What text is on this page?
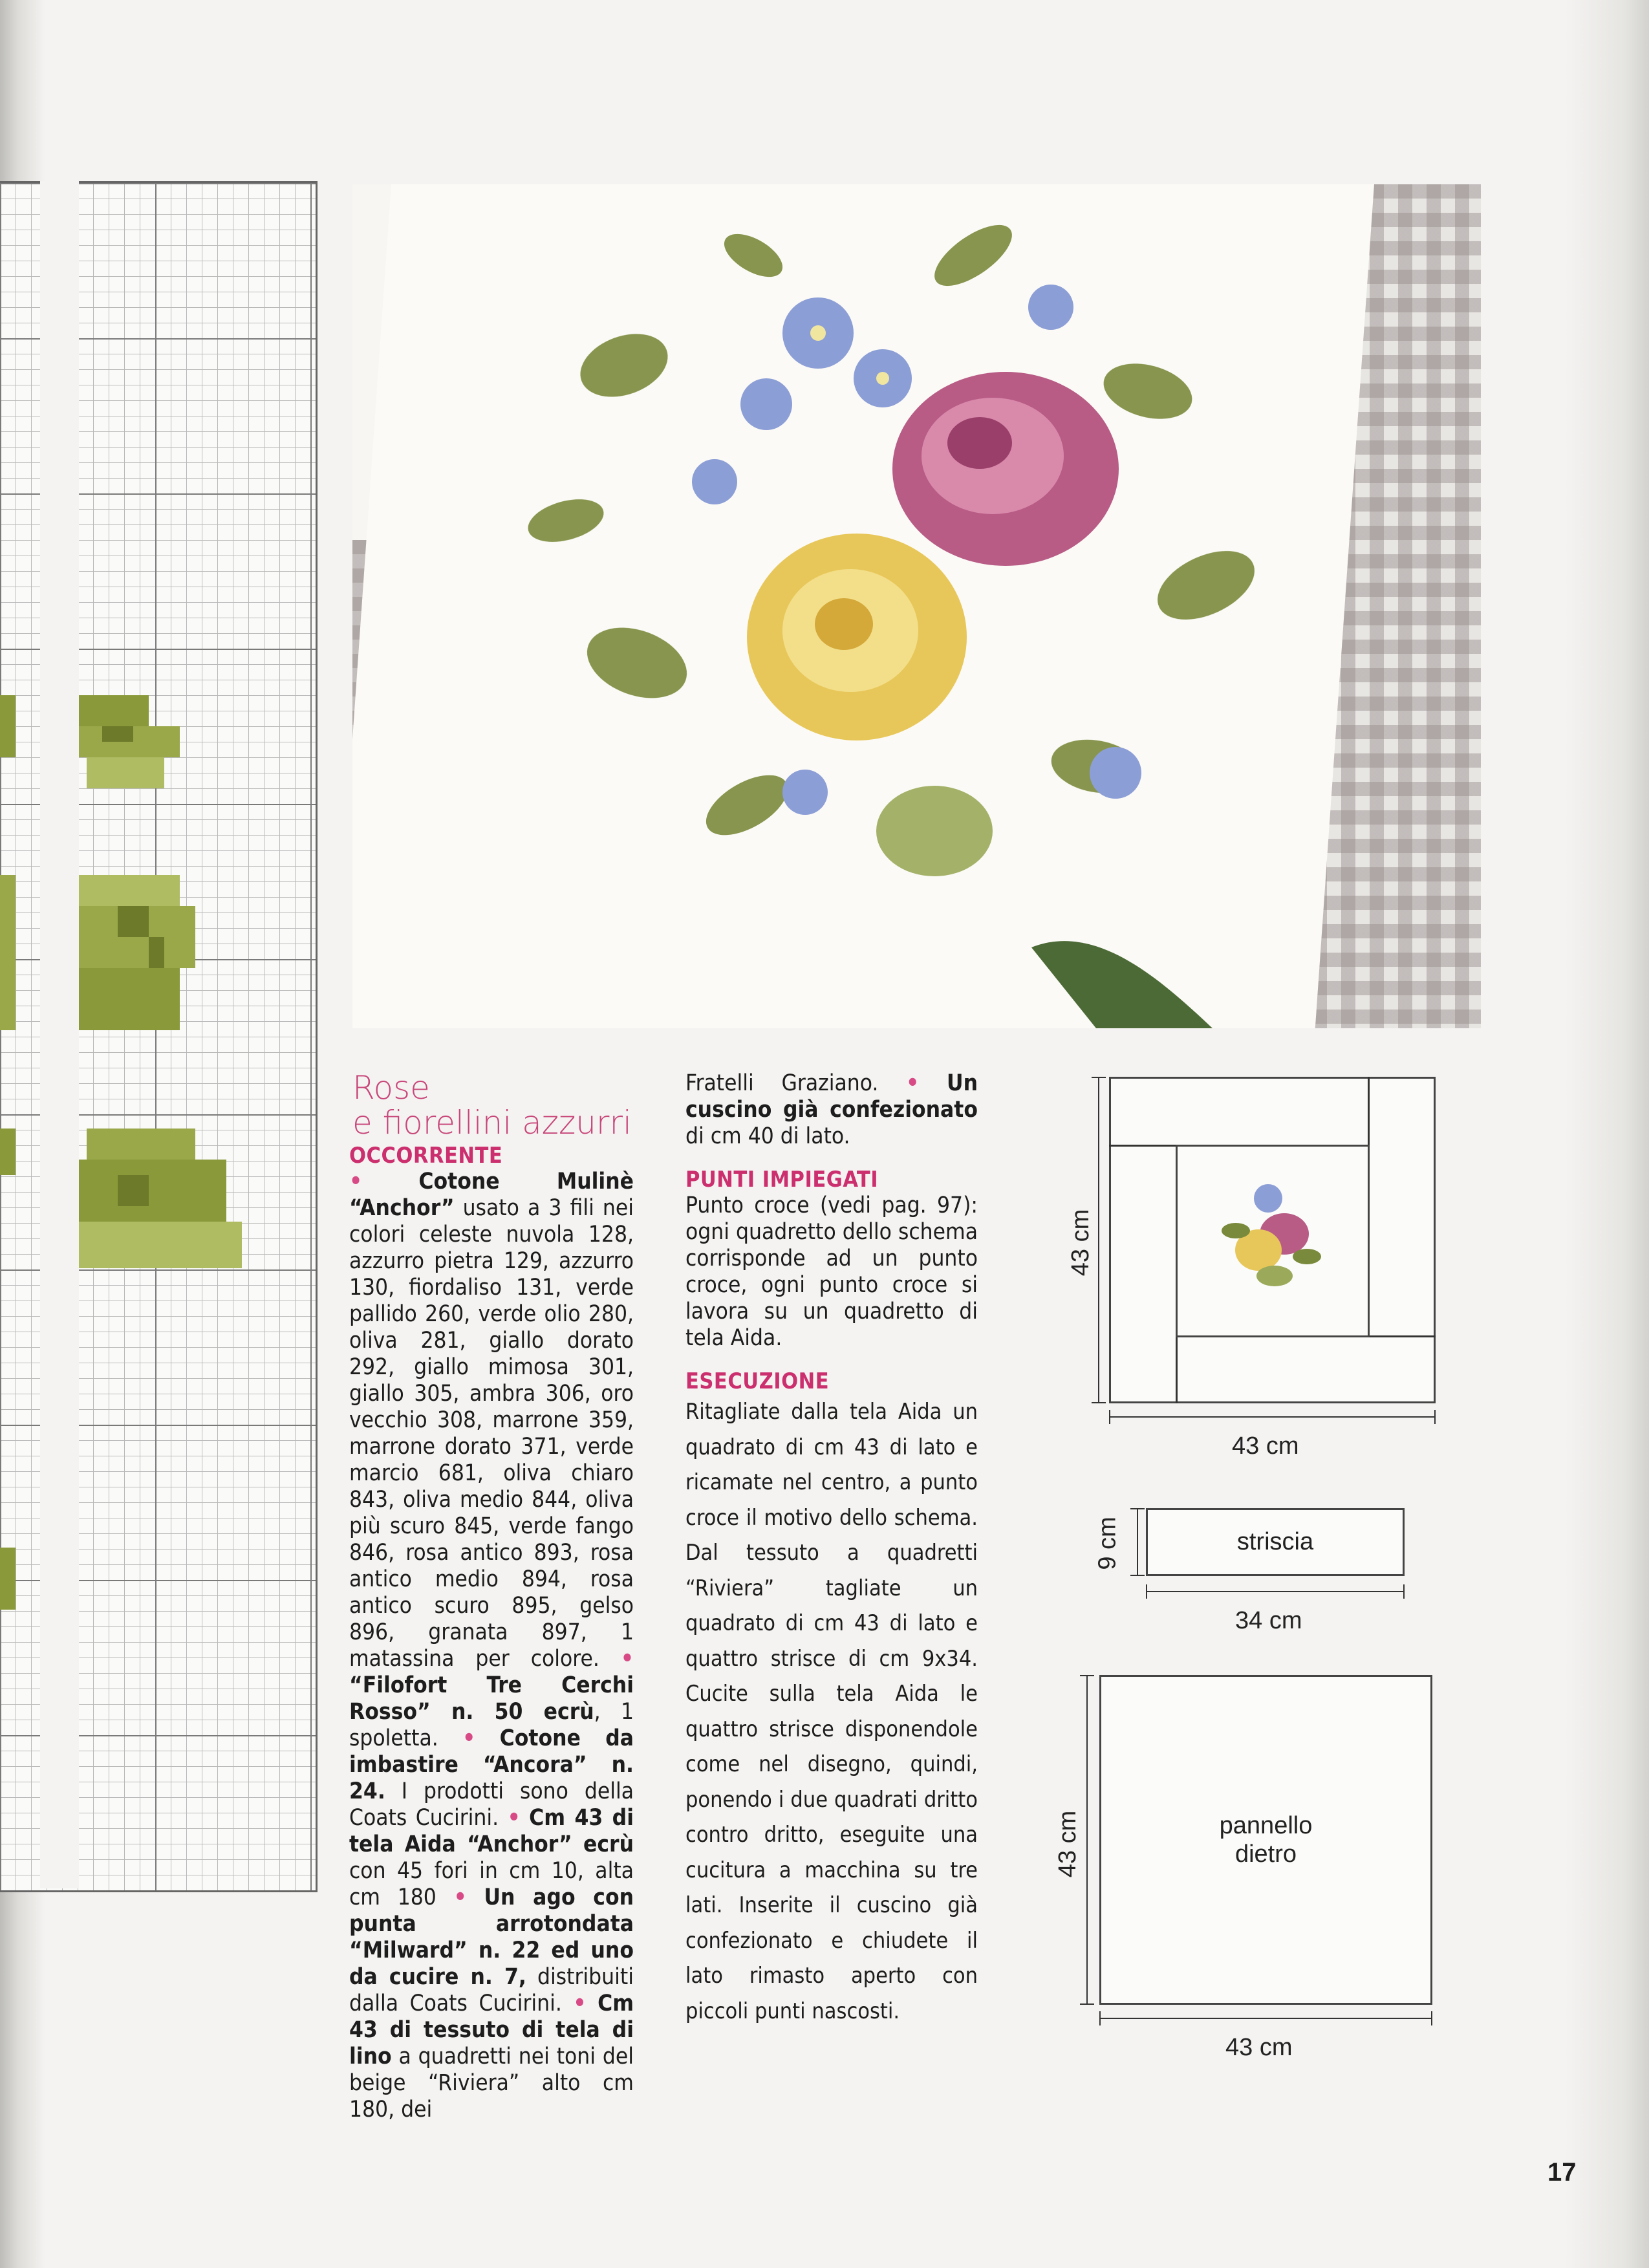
Rose
e fiorellini azzurri
OCCORRENTE

• Cotone Mulinè “Anchor” usato a 3 fili nei colori celeste nuvola 128, azzurro pietra 129, azzurro 130, fiordaliso 131, verde pallido 260, verde olio 280, oliva 281, giallo dorato 292, giallo mimosa 301, giallo 305, ambra 306, oro vecchio 308, marrone 359, marrone dorato 371, verde marcio 681, oliva chiaro 843, oliva medio 844, oliva più scuro 845, verde fango 846, rosa antico 893, rosa antico medio 894, rosa antico scuro 895, gelso 896, granata 897, 1 matassina per colore. • “Filofort Tre Cerchi Rosso” n. 50 ecrù, 1 spoletta. • Cotone da imbastire “Ancora” n. 24. I prodotti sono della Coats Cucirini. • Cm 43 di tela Aida “Anchor” ecrù con 45 fori in cm 10, alta cm 180 • Un ago con punta arrotondata “Milward” n. 22 ed uno da cucire n. 7, distribuiti dalla Coats Cucirini. • Cm 43 di tessuto di tela di lino a quadretti nei toni del beige “Riviera” alto cm 180, dei

Fratelli Graziano. • Un cuscino già confezionato di cm 40 di lato.

PUNTI IMPIEGATI

Punto croce (vedi pag. 97): ogni quadretto dello schema corrisponde ad un punto croce, ogni punto croce si lavora su un quadretto di tela Aida.

ESECUZIONE

Ritagliate dalla tela Aida un quadrato di cm 43 di lato e ricamate nel centro, a punto croce il motivo dello schema. Dal tessuto a quadretti “Riviera” tagliate un quadrato di cm 43 di lato e quattro strisce di cm 9x34. Cucite sulla tela Aida le quattro strisce disponendole come nel disegno, quindi, ponendo i due quadrati dritto contro dritto, eseguite una cucitura a macchina su tre lati. Inserite il cuscino già confezionato e chiudete il lato rimasto aperto con piccoli punti nascosti.

43 cm
43 cm
9 cm	striscia
34 cm
43 cm	pannello
dietro
43 cm
17
